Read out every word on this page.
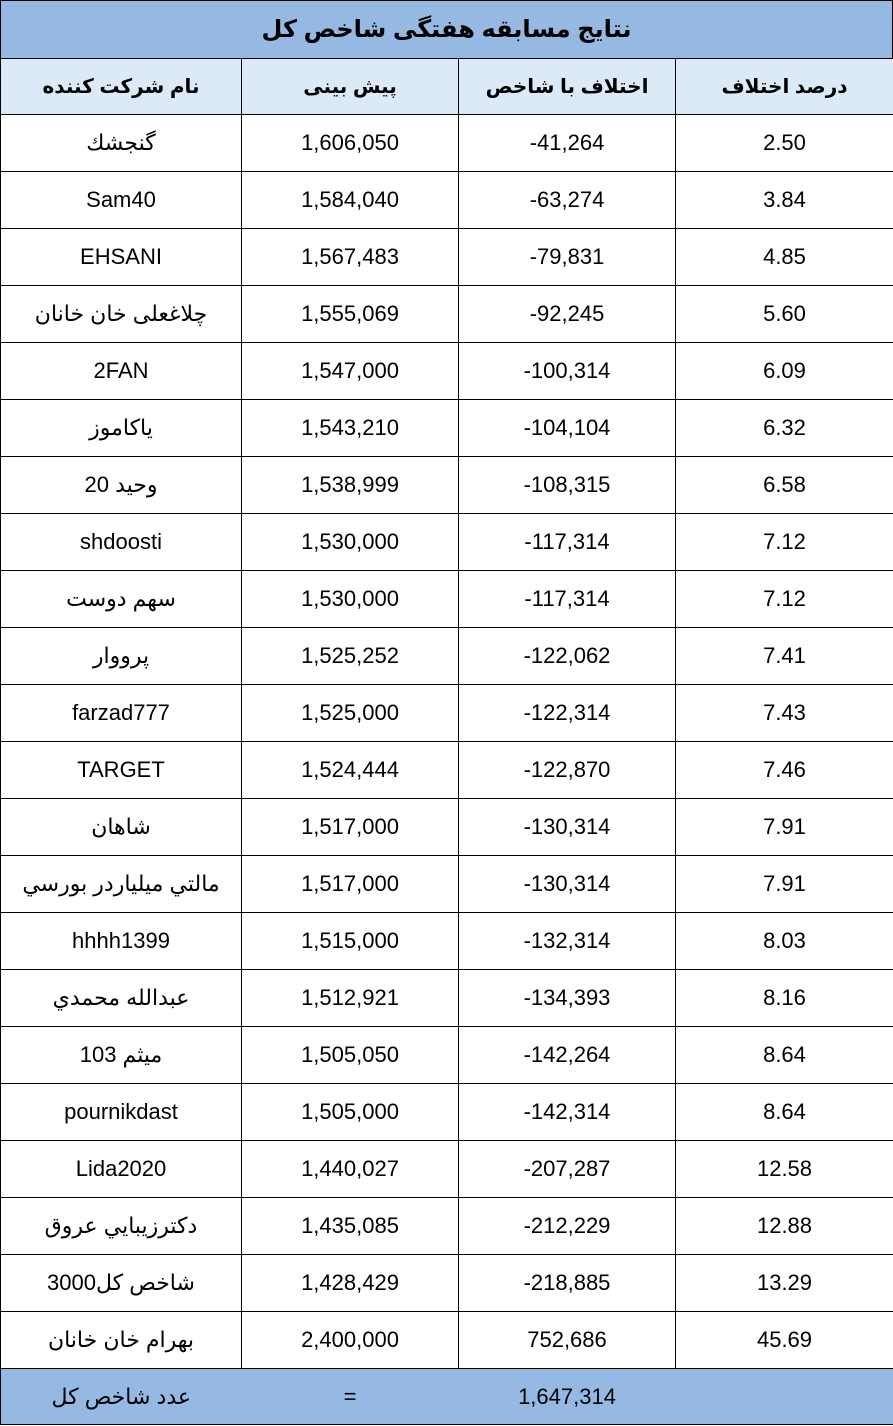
نتايج مسابقه هفتگی شاخص کل
نام شرکت کننده	پیش بینی	اختلاف با شاخص	درصد اختلاف
گنجشك	1,606,050	-41,264	2.50
Sam40	1,584,040	-63,274	3.84
EHSANI	1,567,483	-79,831	4.85
چلاغعلی خان خانان	1,555,069	-92,245	5.60
2FAN	1,547,000	-100,314	6.09
ياكاموز	1,543,210	-104,104	6.32
وحید 20	1,538,999	-108,315	6.58
shdoosti	1,530,000	-117,314	7.12
سهم دوست	1,530,000	-117,314	7.12
پرووار	1,525,252	-122,062	7.41
farzad777	1,525,000	-122,314	7.43
TARGET	1,524,444	-122,870	7.46
شاهان	1,517,000	-130,314	7.91
مالتي ميلياردر بورسي	1,517,000	-130,314	7.91
hhhh1399	1,515,000	-132,314	8.03
عبدالله محمدي	1,512,921	-134,393	8.16
میثم 103	1,505,050	-142,264	8.64
pournikdast	1,505,000	-142,314	8.64
Lida2020	1,440,027	-207,287	12.58
دكترزيبايي عروق	1,435,085	-212,229	12.88
شاخص کل3000	1,428,429	-218,885	13.29
بهرام خان خانان	2,400,000	752,686	45.69
عدد شاخص کل	=	1,647,314	
